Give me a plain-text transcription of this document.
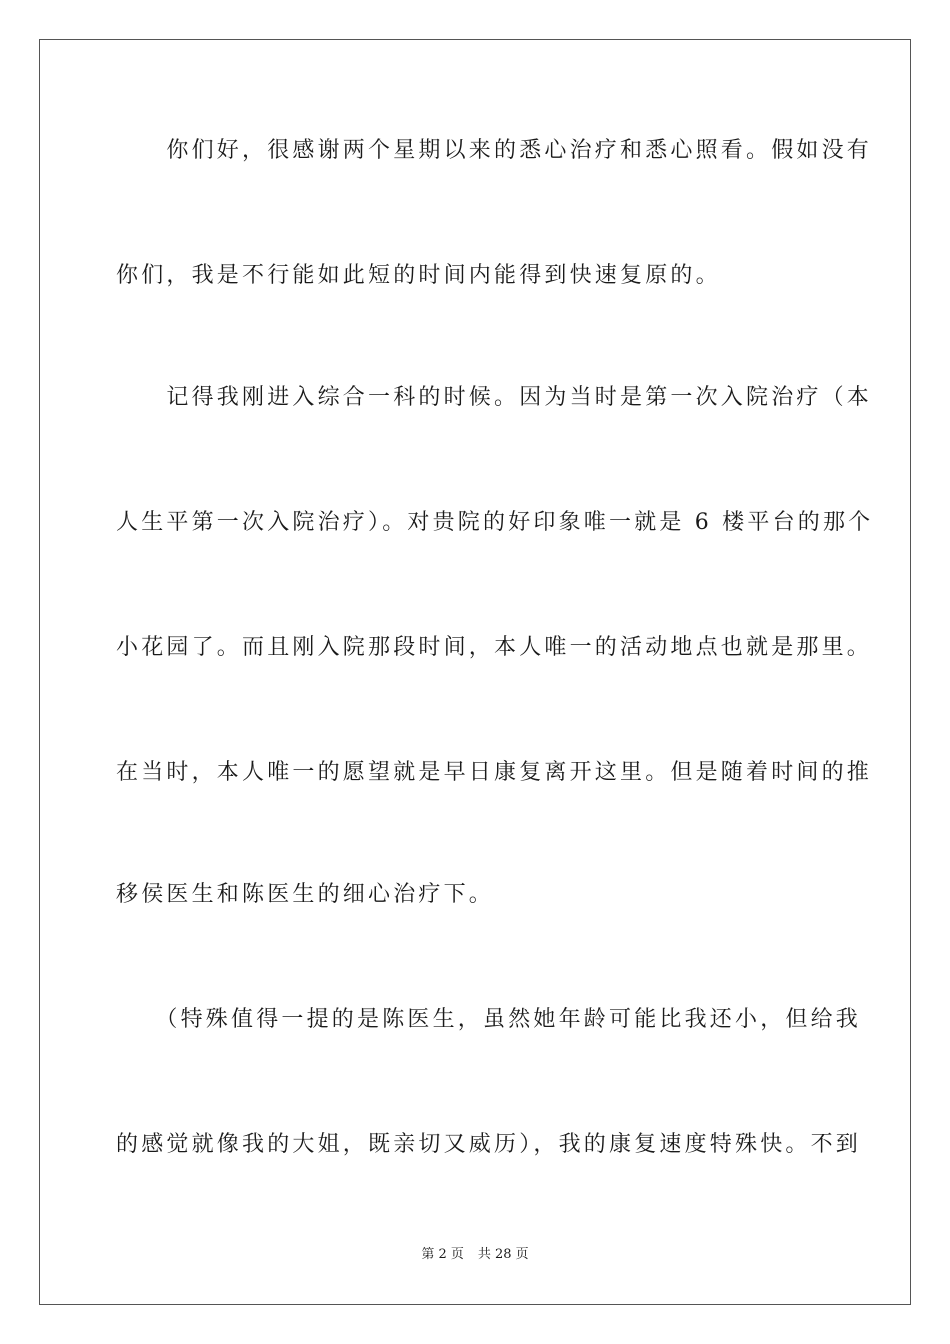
　　你们好，很感谢两个星期以来的悉心治疗和悉心照看。假如没有
你们，我是不行能如此短的时间内能得到快速复原的。
　　记得我刚进入综合一科的时候。因为当时是第一次入院治疗（本
人生平第一次入院治疗）。对贵院的好印象唯一就是 6 楼平台的那个
小花园了。而且刚入院那段时间，本人唯一的活动地点也就是那里。
在当时，本人唯一的愿望就是早日康复离开这里。但是随着时间的推
移侯医生和陈医生的细心治疗下。
　　（特殊值得一提的是陈医生，虽然她年龄可能比我还小，但给我
的感觉就像我的大姐，既亲切又威历），我的康复速度特殊快。不到
第 2 页 共 28 页
